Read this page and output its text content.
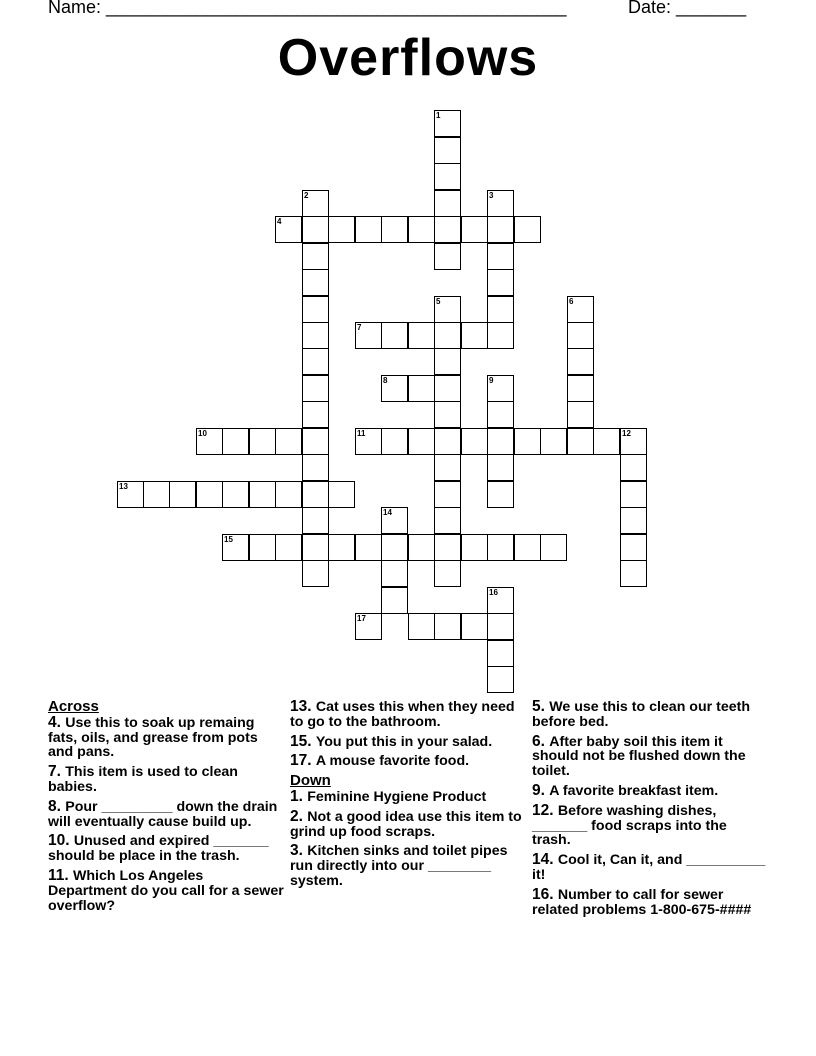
Name: ______________________________________________	Date: _______
Overflows
1
2	3
4
5	6
7
8	9
10	11	12
13
14
15
16
17
Across
4. Use this to soak up remaing fats, oils, and grease from pots and pans.
7. This item is used to clean babies.
8. Pour _________ down the drain will eventually cause build up.
10. Unused and expired _______ should be place in the trash.
11. Which Los Angeles Department do you call for a sewer overflow?
13. Cat uses this when they need to go to the bathroom.
15. You put this in your salad.
17. A mouse favorite food.
Down
1. Feminine Hygiene Product
2. Not a good idea use this item to grind up food scraps.
3. Kitchen sinks and toilet pipes run directly into our ________ system.
5. We use this to clean our teeth before bed.
6. After baby soil this item it should not be flushed down the toilet.
9. A favorite breakfast item.
12. Before washing dishes, _______ food scraps into the trash.
14. Cool it, Can it, and __________ it!
16. Number to call for sewer related problems 1-800-675-####
